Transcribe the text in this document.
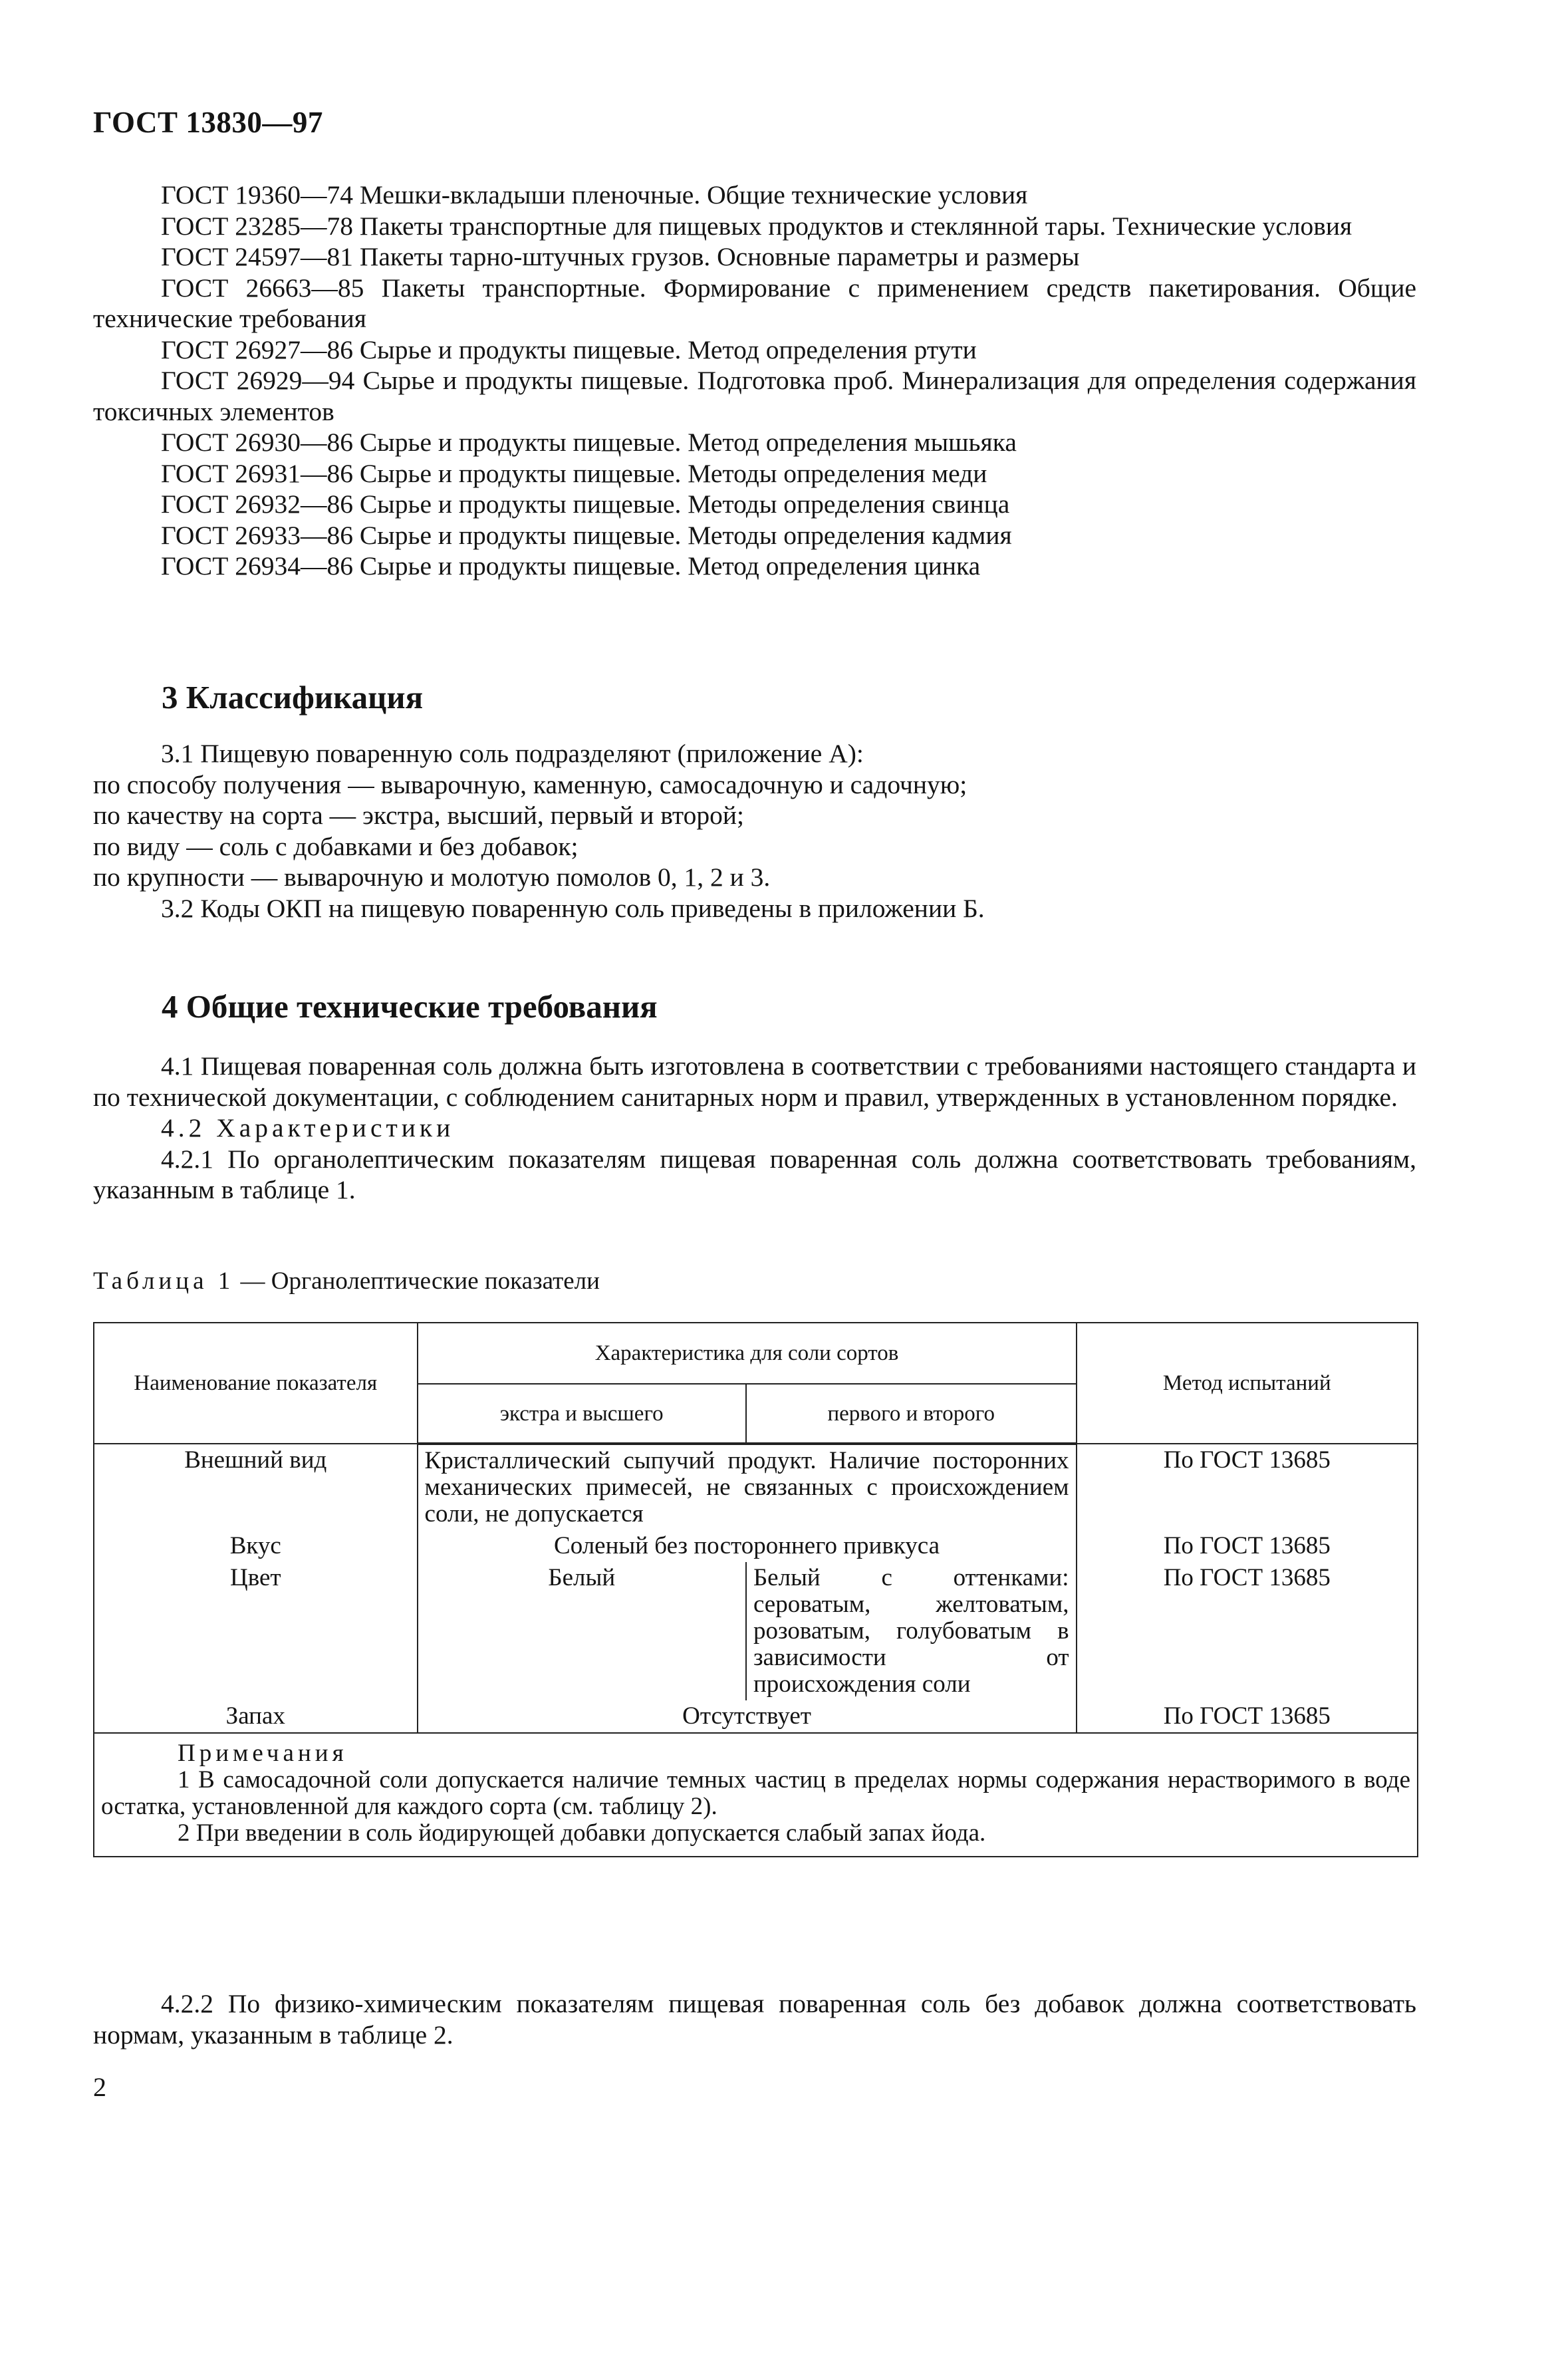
ГОСТ 13830—97

ГОСТ 19360—74 Мешки-вкладыши пленочные. Общие технические условия

ГОСТ 23285—78 Пакеты транспортные для пищевых продуктов и стеклянной тары. Технические условия

ГОСТ 24597—81 Пакеты тарно-штучных грузов. Основные параметры и размеры

ГОСТ 26663—85 Пакеты транспортные. Формирование с применением средств пакетирования. Общие технические требования

ГОСТ 26927—86 Сырье и продукты пищевые. Метод определения ртути

ГОСТ 26929—94 Сырье и продукты пищевые. Подготовка проб. Минерализация для определения содержания токсичных элементов

ГОСТ 26930—86 Сырье и продукты пищевые. Метод определения мышьяка

ГОСТ 26931—86 Сырье и продукты пищевые. Методы определения меди

ГОСТ 26932—86 Сырье и продукты пищевые. Методы определения свинца

ГОСТ 26933—86 Сырье и продукты пищевые. Методы определения кадмия

ГОСТ 26934—86 Сырье и продукты пищевые. Метод определения цинка

3 Классификация

3.1 Пищевую поваренную соль подразделяют (приложение А):

по способу получения — выварочную, каменную, самосадочную и садочную;

по качеству на сорта — экстра, высший, первый и второй;

по виду — соль с добавками и без добавок;

по крупности — выварочную и молотую помолов 0, 1, 2 и 3.

3.2 Коды ОКП на пищевую поваренную соль приведены в приложении Б.

4 Общие технические требования

4.1 Пищевая поваренная соль должна быть изготовлена в соответствии с требованиями настоящего стандарта и по технической документации, с соблюдением санитарных норм и правил, утвержденных в установленном порядке.

4.2 Характеристики

4.2.1 По органолептическим показателям пищевая поваренная соль должна соответствовать требованиям, указанным в таблице 1.

Таблица 1 — Органолептические показатели
Наименование показателя	Характеристика для соли сортов		Метод испытаний
	экстра и высшего	первого и второго	
Внешний вид	Кристаллический сыпучий продукт. Наличие посторонних механических примесей, не связанных с происхождением соли, не допускается		По ГОСТ 13685
Вкус	Соленый без постороннего привкуса		По ГОСТ 13685
Цвет	Белый	Белый с оттенками: сероватым, желтоватым, розоватым, голубоватым в зависимости от происхождения соли	По ГОСТ 13685
Запах	Отсутствует		По ГОСТ 13685

Примечания

1 В самосадочной соли допускается наличие темных частиц в пределах нормы содержания нерастворимого в воде остатка, установленной для каждого сорта (см. таблицу 2).

2 При введении в соль йодирующей добавки допускается слабый запах йода.			

4.2.2 По физико-химическим показателям пищевая поваренная соль без добавок должна соответствовать нормам, указанным в таблице 2.

2
